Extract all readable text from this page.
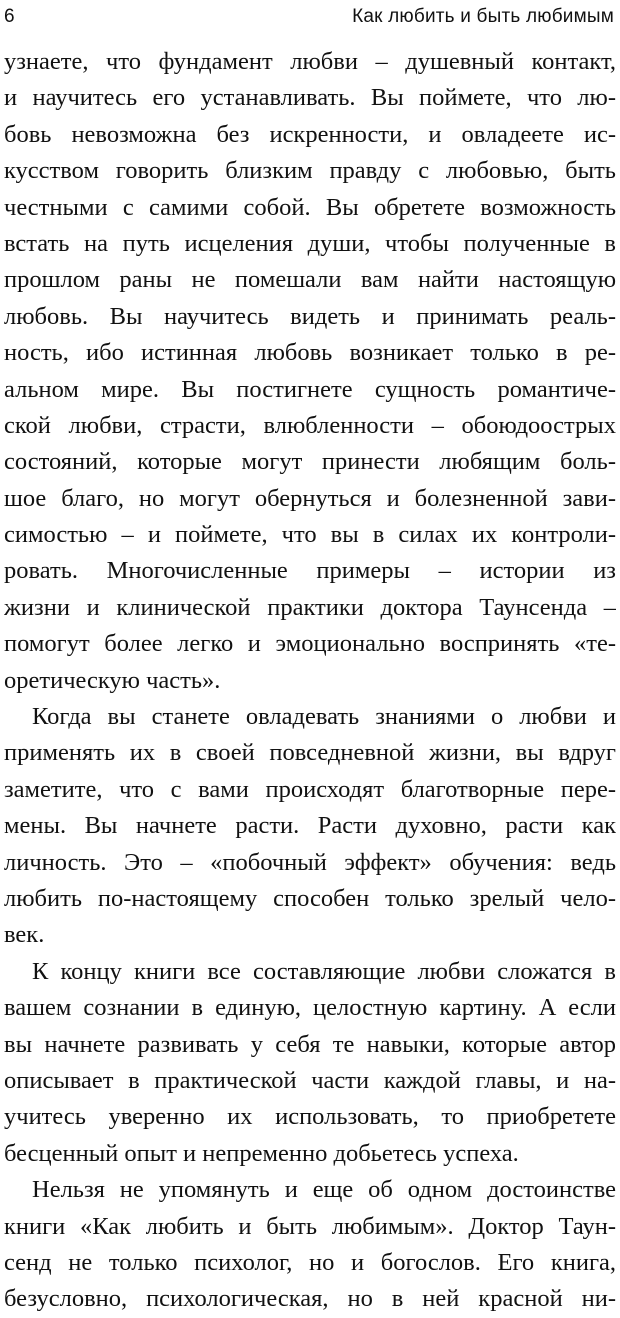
6	Как любить и быть любимым
узнаете, что фундамент любви – душевный контакт,
и научитесь его устанавливать. Вы поймете, что лю-
бовь невозможна без искренности, и овладеете ис-
кусством говорить близким правду с любовью, быть
честными с самими собой. Вы обретете возможность
встать на путь исцеления души, чтобы полученные в
прошлом раны не помешали вам найти настоящую
любовь. Вы научитесь видеть и принимать реаль-
ность, ибо истинная любовь возникает только в ре-
альном мире. Вы постигнете сущность романтиче-
ской любви, страсти, влюбленности – обоюдоострых
состояний, которые могут принести любящим боль-
шое благо, но могут обернуться и болезненной зави-
симостью – и поймете, что вы в силах их контроли-
ровать. Многочисленные примеры – истории из
жизни и клинической практики доктора Таунсенда –
помогут более легко и эмоционально воспринять «те-
оретическую часть».
Когда вы станете овладевать знаниями о любви и
применять их в своей повседневной жизни, вы вдруг
заметите, что с вами происходят благотворные пере-
мены. Вы начнете расти. Расти духовно, расти как
личность. Это – «побочный эффект» обучения: ведь
любить по-настоящему способен только зрелый чело-
век.
К концу книги все составляющие любви сложатся в
вашем сознании в единую, целостную картину. А если
вы начнете развивать у себя те навыки, которые автор
описывает в практической части каждой главы, и на-
учитесь уверенно их использовать, то приобретете
бесценный опыт и непременно добьетесь успеха.
Нельзя не упомянуть и еще об одном достоинстве
книги «Как любить и быть любимым». Доктор Таун-
сенд не только психолог, но и богослов. Его книга,
безусловно, психологическая, но в ней красной ни-
